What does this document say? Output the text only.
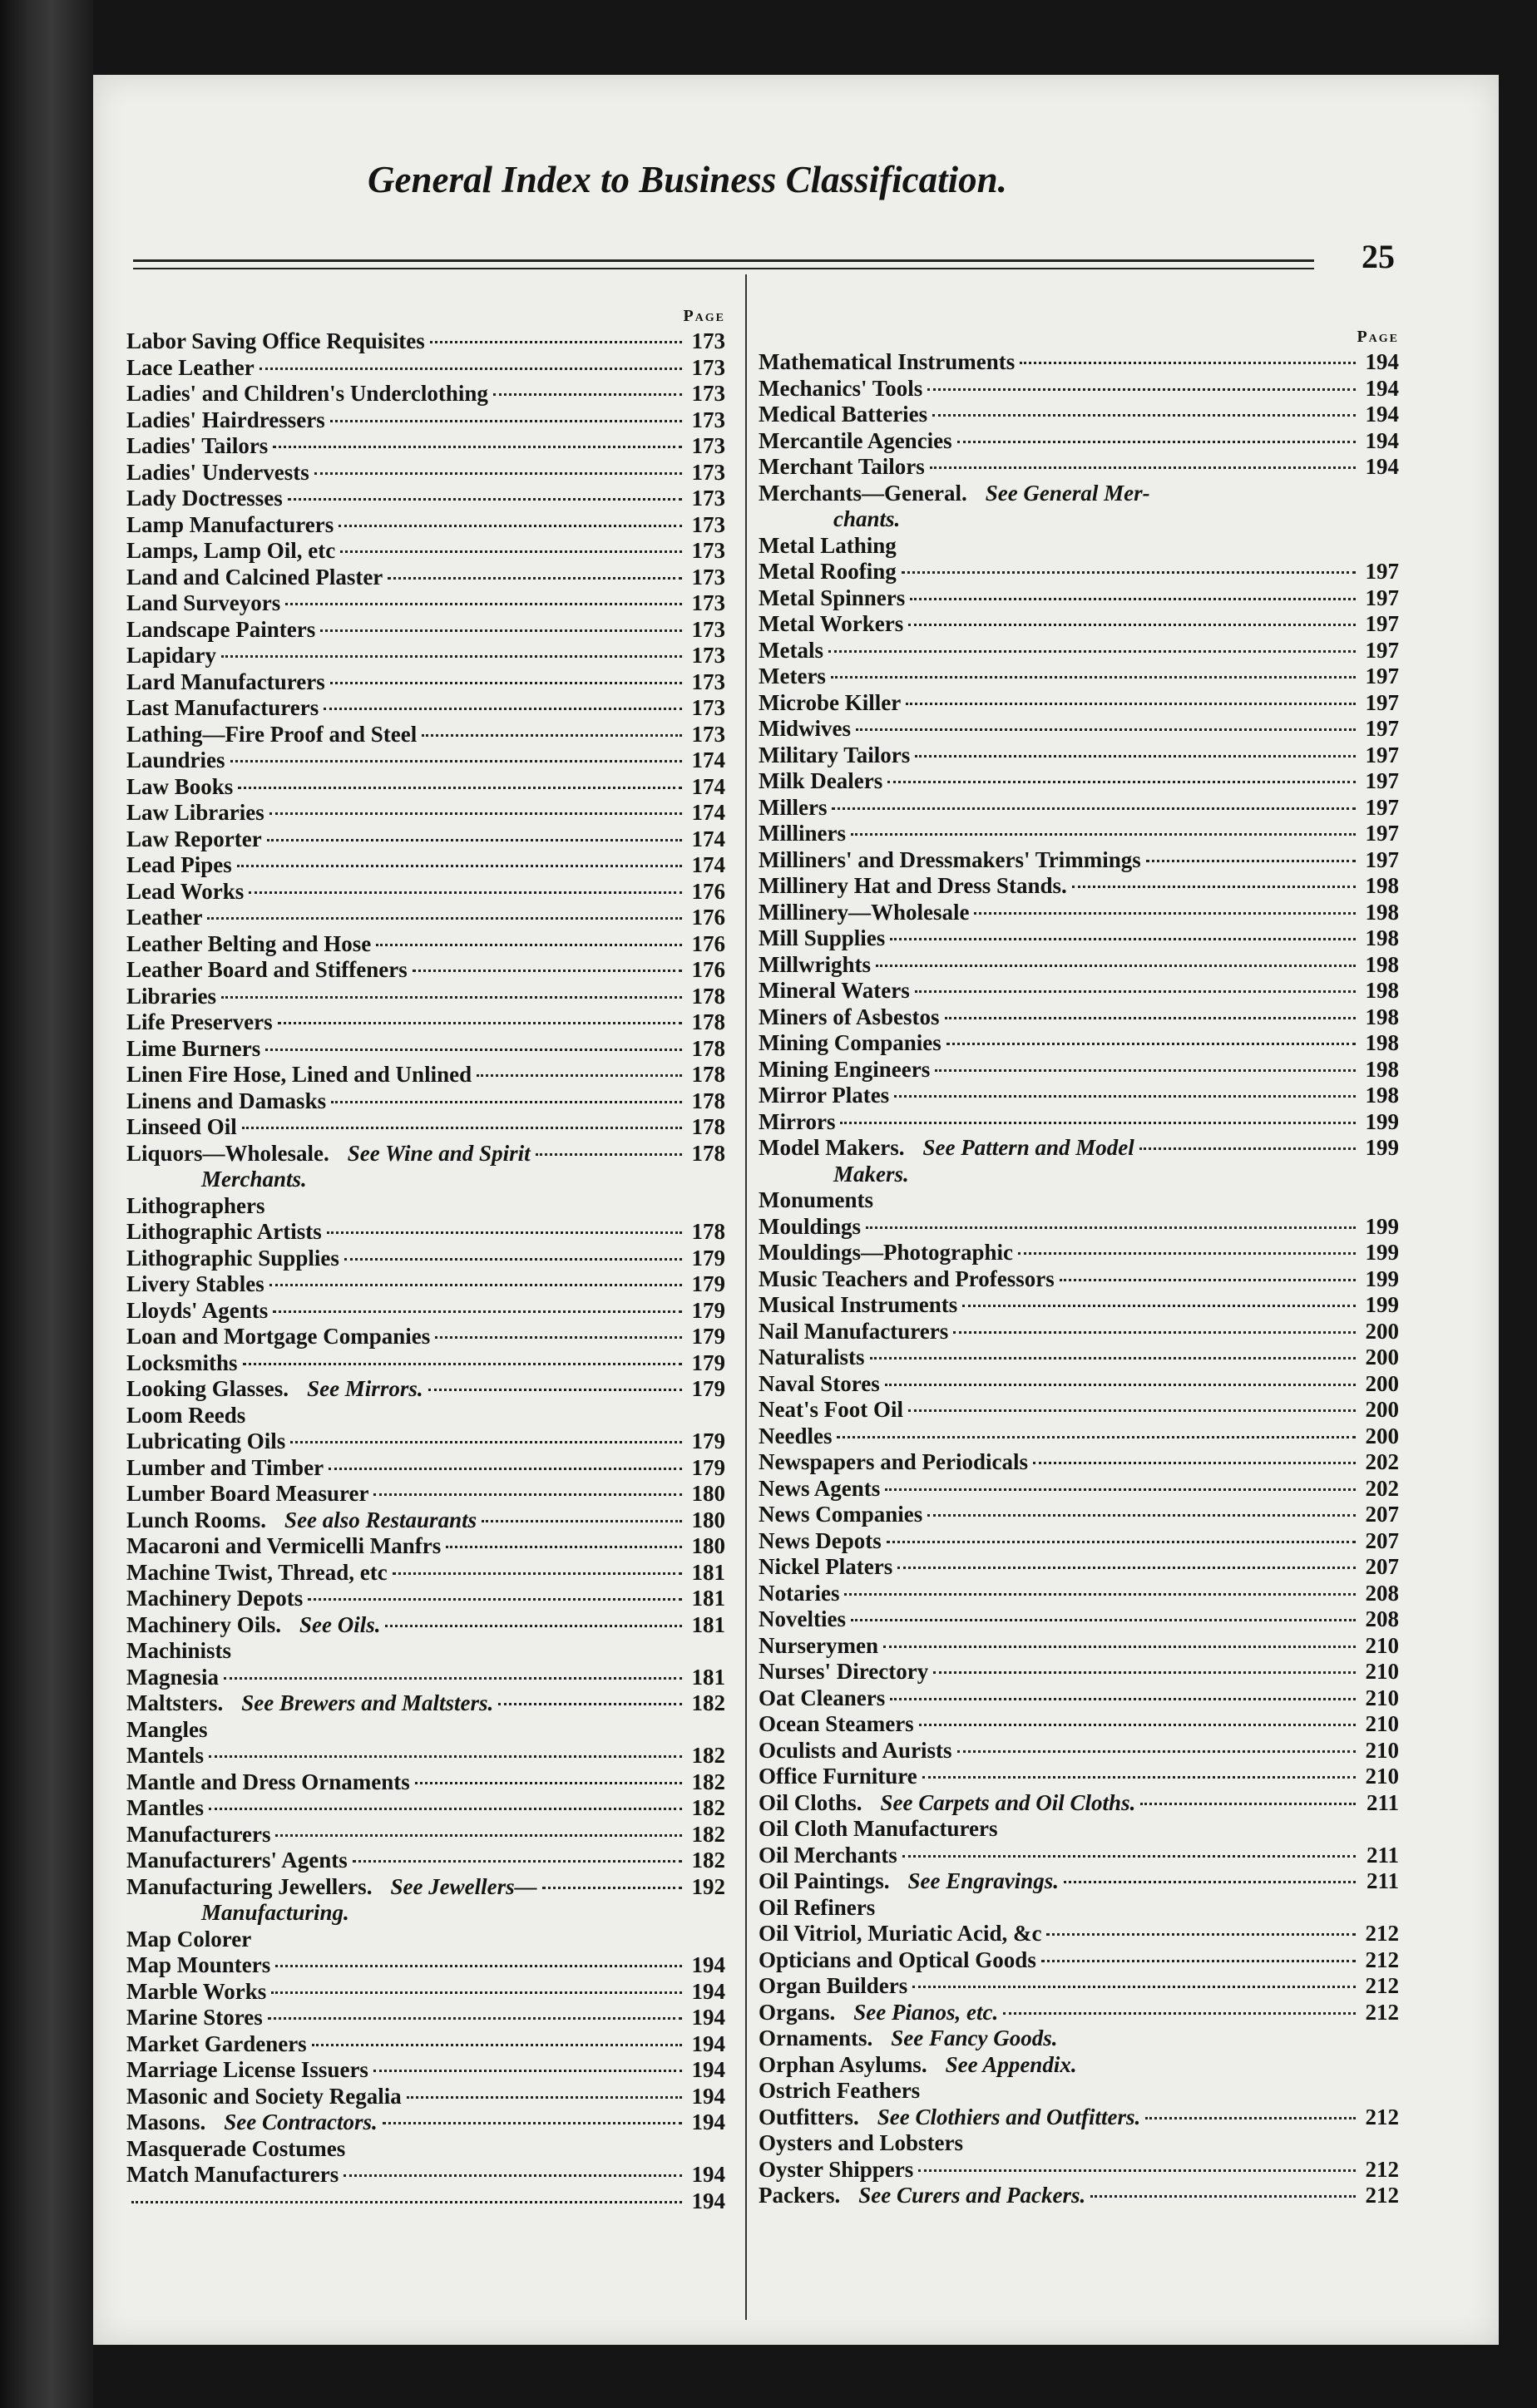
General Index to Business Classification.
25
Page
Labor Saving Office Requisites	173
Lace Leather	173
Ladies' and Children's Underclothing	173
Ladies' Hairdressers	173
Ladies' Tailors	173
Ladies' Undervests	173
Lady Doctresses	173
Lamp Manufacturers	173
Lamps, Lamp Oil, etc	173
Land and Calcined Plaster	173
Land Surveyors	173
Landscape Painters	173
Lapidary	173
Lard Manufacturers	173
Last Manufacturers	173
Lathing—Fire Proof and Steel	173
Laundries	174
Law Books	174
Law Libraries	174
Law Reporter	174
Lead Pipes	174
Lead Works	176
Leather	176
Leather Belting and Hose	176
Leather Board and Stiffeners	176
Libraries	178
Life Preservers	178
Lime Burners	178
Linen Fire Hose, Lined and Unlined	178
Linens and Damasks	178
Linseed Oil	178
Liquors—Wholesale. See Wine and Spirit	178
Merchants.
Lithographers
Lithographic Artists	178
Lithographic Supplies	179
Livery Stables	179
Lloyds' Agents	179
Loan and Mortgage Companies	179
Locksmiths	179
Looking Glasses. See Mirrors.	179
Loom Reeds
Lubricating Oils	179
Lumber and Timber	179
Lumber Board Measurer	180
Lunch Rooms. See also Restaurants	180
Macaroni and Vermicelli Manfrs	180
Machine Twist, Thread, etc	181
Machinery Depots	181
Machinery Oils. See Oils.	181
Machinists
Magnesia	181
Maltsters. See Brewers and Maltsters.	182
Mangles
Mantels	182
Mantle and Dress Ornaments	182
Mantles	182
Manufacturers	182
Manufacturers' Agents	182
Manufacturing Jewellers. See Jewellers—	192
Manufacturing.
Map Colorer
Map Mounters	194
Marble Works	194
Marine Stores	194
Market Gardeners	194
Marriage License Issuers	194
Masonic and Society Regalia	194
Masons. See Contractors.	194
Masquerade Costumes
Match Manufacturers	194
194
Page
Mathematical Instruments	194
Mechanics' Tools	194
Medical Batteries	194
Mercantile Agencies	194
Merchant Tailors	194
Merchants—General. See General Mer-
chants.
Metal Lathing
Metal Roofing	197
Metal Spinners	197
Metal Workers	197
Metals	197
Meters	197
Microbe Killer	197
Midwives	197
Military Tailors	197
Milk Dealers	197
Millers	197
Milliners	197
Milliners' and Dressmakers' Trimmings	197
Millinery Hat and Dress Stands.	198
Millinery—Wholesale	198
Mill Supplies	198
Millwrights	198
Mineral Waters	198
Miners of Asbestos	198
Mining Companies	198
Mining Engineers	198
Mirror Plates	198
Mirrors	199
Model Makers. See Pattern and Model	199
Makers.
Monuments
Mouldings	199
Mouldings—Photographic	199
Music Teachers and Professors	199
Musical Instruments	199
Nail Manufacturers	200
Naturalists	200
Naval Stores	200
Neat's Foot Oil	200
Needles	200
Newspapers and Periodicals	202
News Agents	202
News Companies	207
News Depots	207
Nickel Platers	207
Notaries	208
Novelties	208
Nurserymen	210
Nurses' Directory	210
Oat Cleaners	210
Ocean Steamers	210
Oculists and Aurists	210
Office Furniture	210
Oil Cloths. See Carpets and Oil Cloths.	211
Oil Cloth Manufacturers
Oil Merchants	211
Oil Paintings. See Engravings.	211
Oil Refiners
Oil Vitriol, Muriatic Acid, &c	212
Opticians and Optical Goods	212
Organ Builders	212
Organs. See Pianos, etc.	212
Ornaments. See Fancy Goods.
Orphan Asylums. See Appendix.
Ostrich Feathers
Outfitters. See Clothiers and Outfitters.	212
Oysters and Lobsters
Oyster Shippers	212
Packers. See Curers and Packers.	212
